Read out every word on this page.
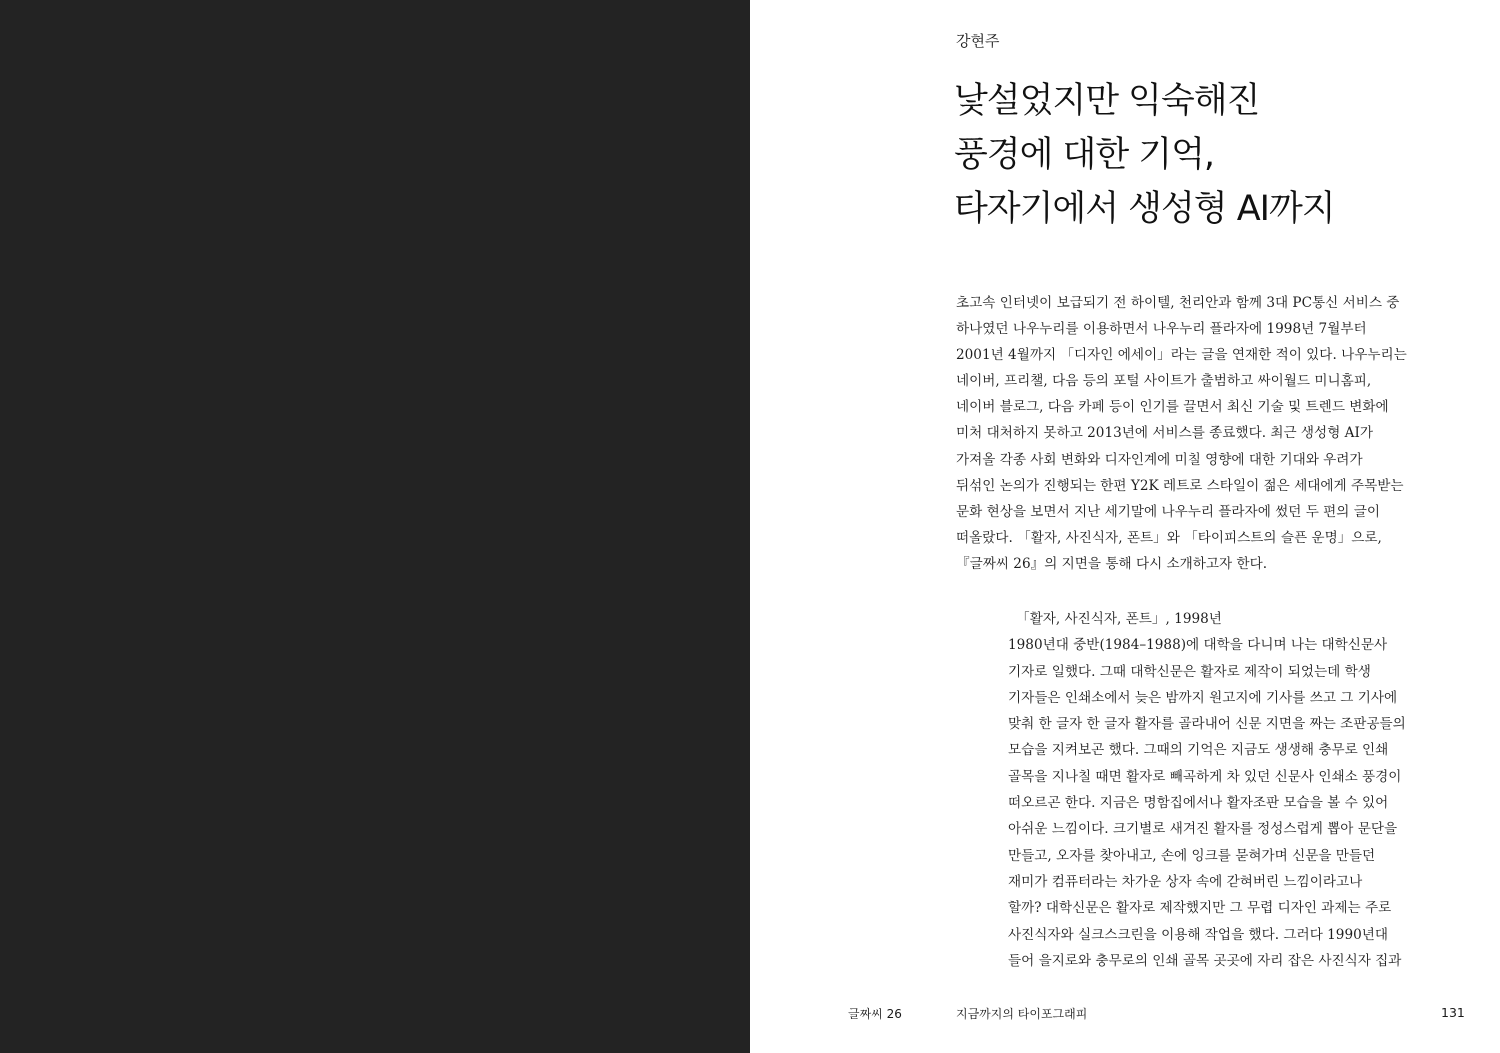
강현주
낯설었지만 익숙해진
풍경에 대한 기억,
타자기에서 생성형 AI까지
초고속 인터넷이 보급되기 전 하이텔, 천리안과 함께 3대 PC통신 서비스 중
하나였던 나우누리를 이용하면서 나우누리 플라자에 1998년 7월부터
2001년 4월까지 「디자인 에세이」라는 글을 연재한 적이 있다. 나우누리는
네이버, 프리챌, 다음 등의 포털 사이트가 출범하고 싸이월드 미니홈피,
네이버 블로그, 다음 카페 등이 인기를 끌면서 최신 기술 및 트렌드 변화에
미처 대처하지 못하고 2013년에 서비스를 종료했다. 최근 생성형 AI가
가져올 각종 사회 변화와 디자인계에 미칠 영향에 대한 기대와 우려가
뒤섞인 논의가 진행되는 한편 Y2K 레트로 스타일이 젊은 세대에게 주목받는
문화 현상을 보면서 지난 세기말에 나우누리 플라자에 썼던 두 편의 글이
떠올랐다. 「활자, 사진식자, 폰트」와 「타이피스트의 슬픈 운명」으로,
『글짜씨 26』의 지면을 통해 다시 소개하고자 한다.
「활자, 사진식자, 폰트」, 1998년
1980년대 중반(1984–1988)에 대학을 다니며 나는 대학신문사
기자로 일했다. 그때 대학신문은 활자로 제작이 되었는데 학생
기자들은 인쇄소에서 늦은 밤까지 원고지에 기사를 쓰고 그 기사에
맞춰 한 글자 한 글자 활자를 골라내어 신문 지면을 짜는 조판공들의
모습을 지켜보곤 했다. 그때의 기억은 지금도 생생해 충무로 인쇄
골목을 지나칠 때면 활자로 빼곡하게 차 있던 신문사 인쇄소 풍경이
떠오르곤 한다. 지금은 명함집에서나 활자조판 모습을 볼 수 있어
아쉬운 느낌이다. 크기별로 새겨진 활자를 정성스럽게 뽑아 문단을
만들고, 오자를 찾아내고, 손에 잉크를 묻혀가며 신문을 만들던
재미가 컴퓨터라는 차가운 상자 속에 갇혀버린 느낌이라고나
할까? 대학신문은 활자로 제작했지만 그 무렵 디자인 과제는 주로
사진식자와 실크스크린을 이용해 작업을 했다. 그러다 1990년대
들어 을지로와 충무로의 인쇄 골목 곳곳에 자리 잡은 사진식자 집과
글짜씨 26	지금까지의 타이포그래피	131
